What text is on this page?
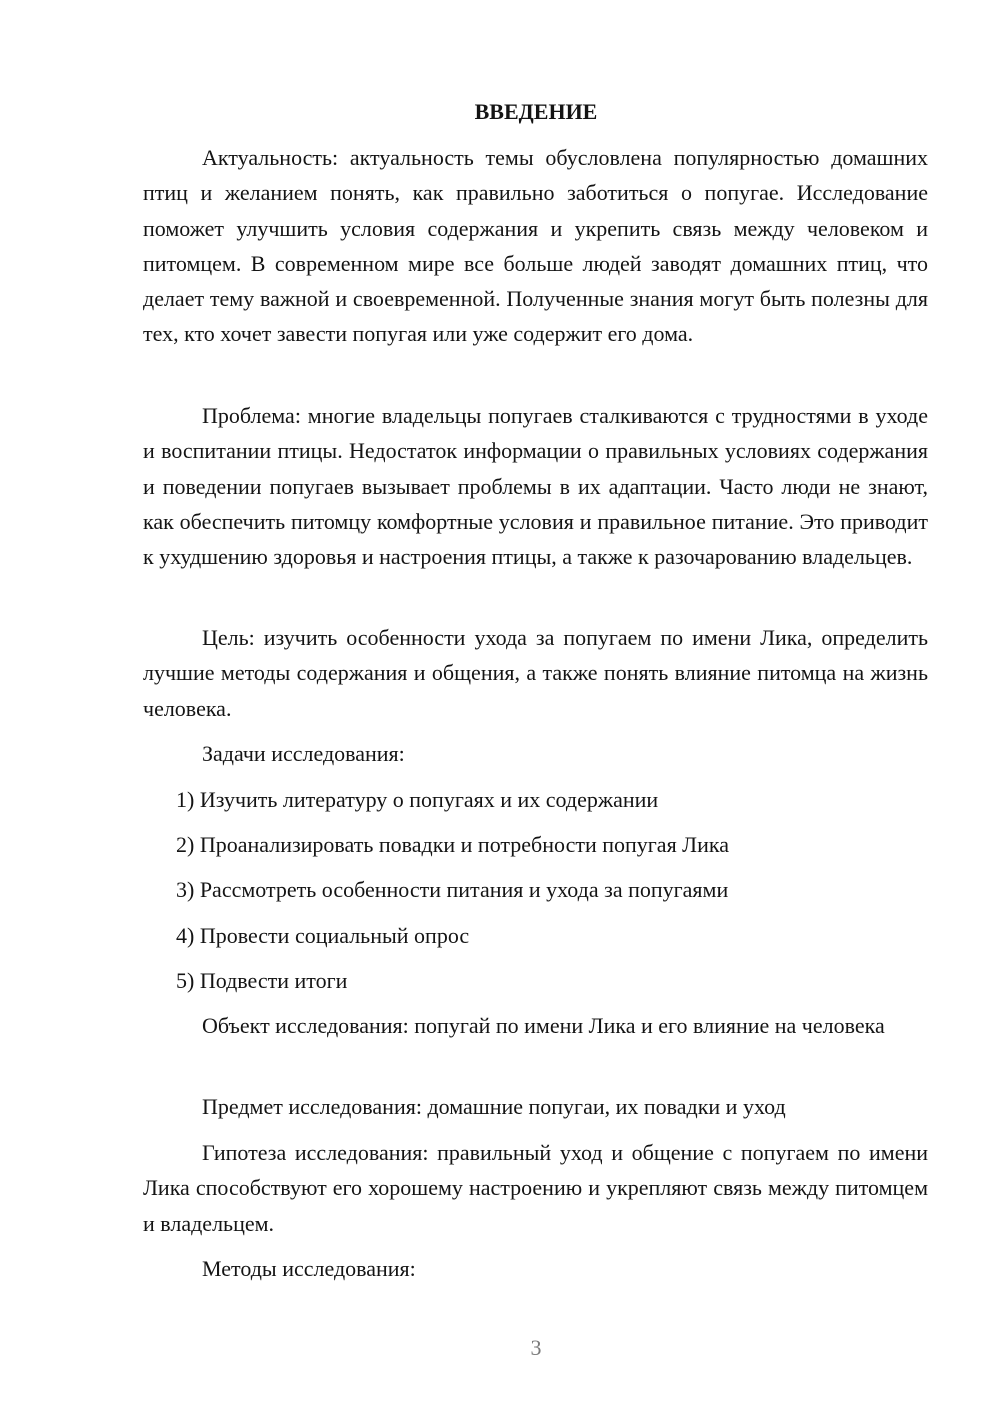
ВВЕДЕНИЕ

Актуальность: актуальность темы обусловлена популярностью домашних птиц и желанием понять, как правильно заботиться о попугае. Исследование поможет улучшить условия содержания и укрепить связь между человеком и питомцем. В современном мире все больше людей заводят домашних птиц, что делает тему важной и своевременной. Полученные знания могут быть полезны для тех, кто хочет завести попугая или уже содержит его дома.

Проблема: многие владельцы попугаев сталкиваются с трудностями в уходе и воспитании птицы. Недостаток информации о правильных условиях содержания и поведении попугаев вызывает проблемы в их адаптации. Часто люди не знают, как обеспечить питомцу комфортные условия и правильное питание. Это приводит к ухудшению здоровья и настроения птицы, а также к разочарованию владельцев.

Цель: изучить особенности ухода за попугаем по имени Лика, определить лучшие методы содержания и общения, а также понять влияние питомца на жизнь человека.

Задачи исследования:

1) Изучить литературу о попугаях и их содержании

2) Проанализировать повадки и потребности попугая Лика

3) Рассмотреть особенности питания и ухода за попугаями

4) Провести социальный опрос

5) Подвести итоги

Объект исследования: попугай по имени Лика и его влияние на человека

Предмет исследования: домашние попугаи, их повадки и уход

Гипотеза исследования: правильный уход и общение с попугаем по имени Лика способствуют его хорошему настроению и укрепляют связь между питомцем и владельцем.

Методы исследования:

3
